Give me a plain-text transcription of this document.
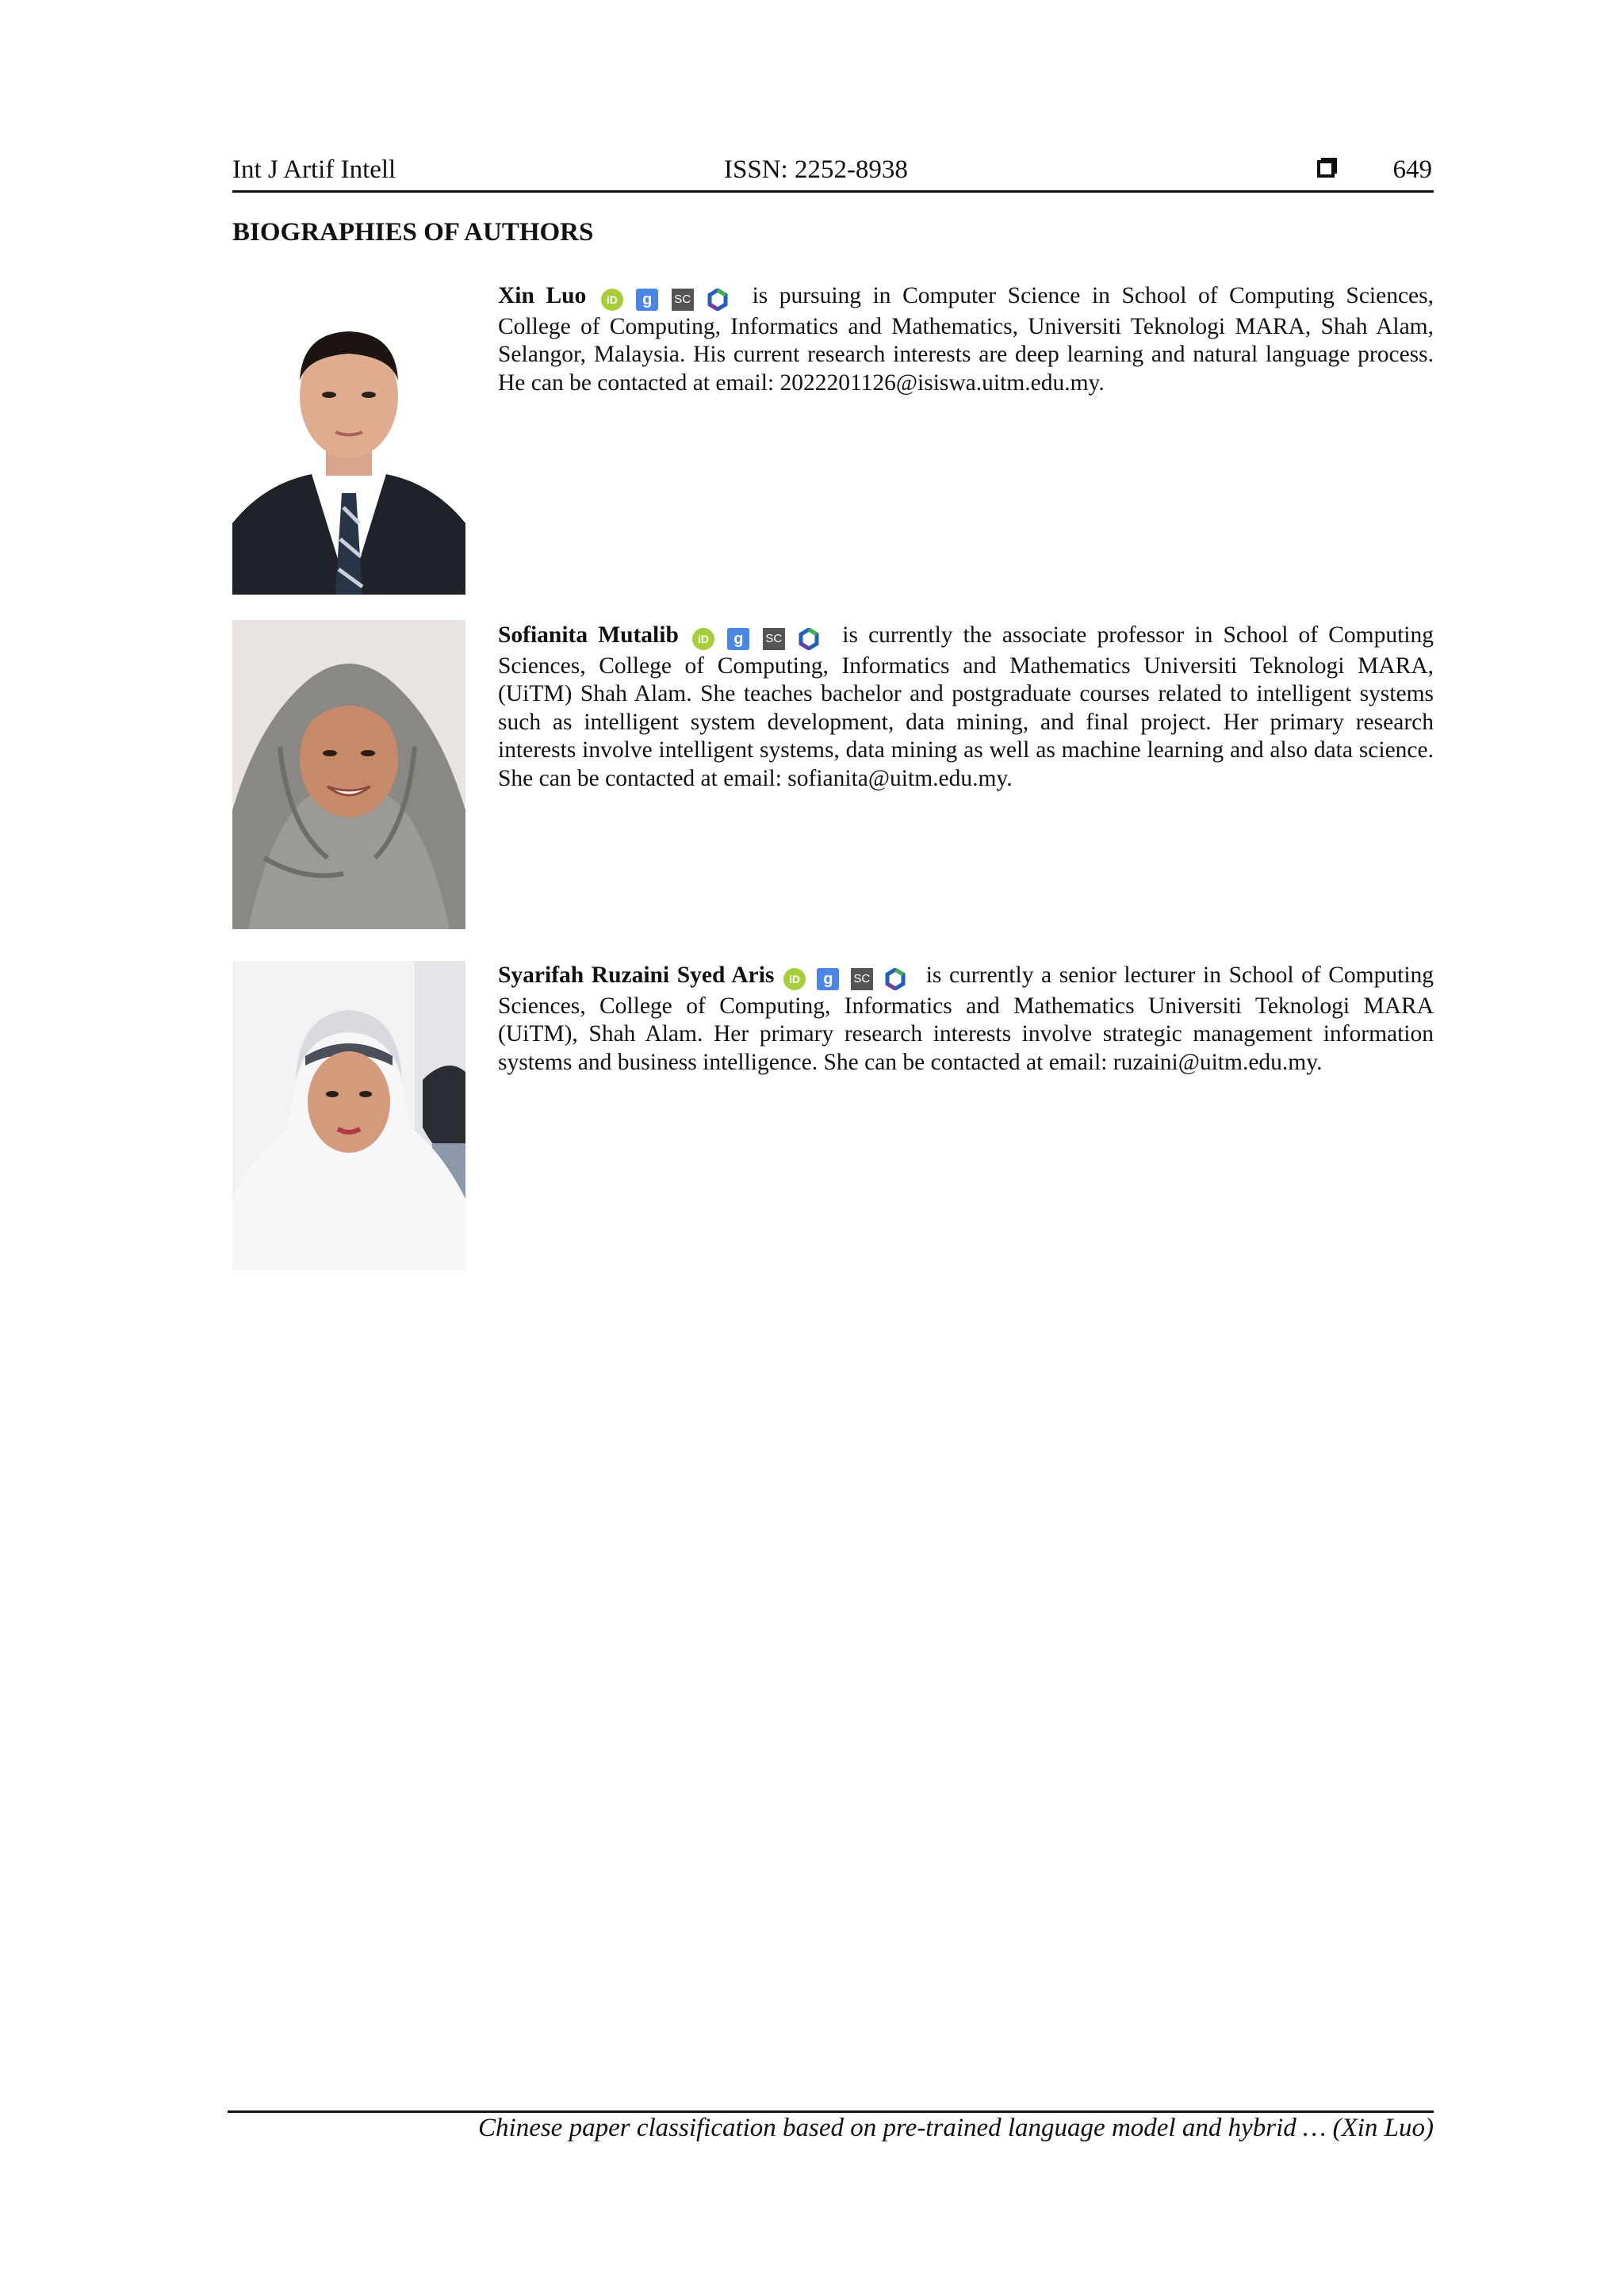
Int J Artif Intell	ISSN: 2252-8938	649
BIOGRAPHIES OF AUTHORS
Xin Luo iD g SC	is pursuing in Computer Science in School of Computing Sciences, College of Computing, Informatics and Mathematics, Universiti Teknologi MARA, Shah Alam, Selangor, Malaysia. His current research interests are deep learning and natural language process. He can be contacted at email: 2022201126@isiswa.uitm.edu.my.
Sofianita Mutalib iD g SC	is currently the associate professor in School of Computing Sciences, College of Computing, Informatics and Mathematics Universiti Teknologi MARA, (UiTM) Shah Alam. She teaches bachelor and postgraduate courses related to intelligent systems such as intelligent system development, data mining, and final project. Her primary research interests involve intelligent systems, data mining as well as machine learning and also data science. She can be contacted at email: sofianita@uitm.edu.my.
Syarifah Ruzaini Syed Aris iD g SC is currently a senior lecturer in School of Computing Sciences, College of Computing, Informatics and Mathematics Universiti Teknologi MARA (UiTM), Shah Alam. Her primary research interests involve strategic management information systems and business intelligence. She can be contacted at email: ruzaini@uitm.edu.my.
Chinese paper classification based on pre-trained language model and hybrid … (Xin Luo)
